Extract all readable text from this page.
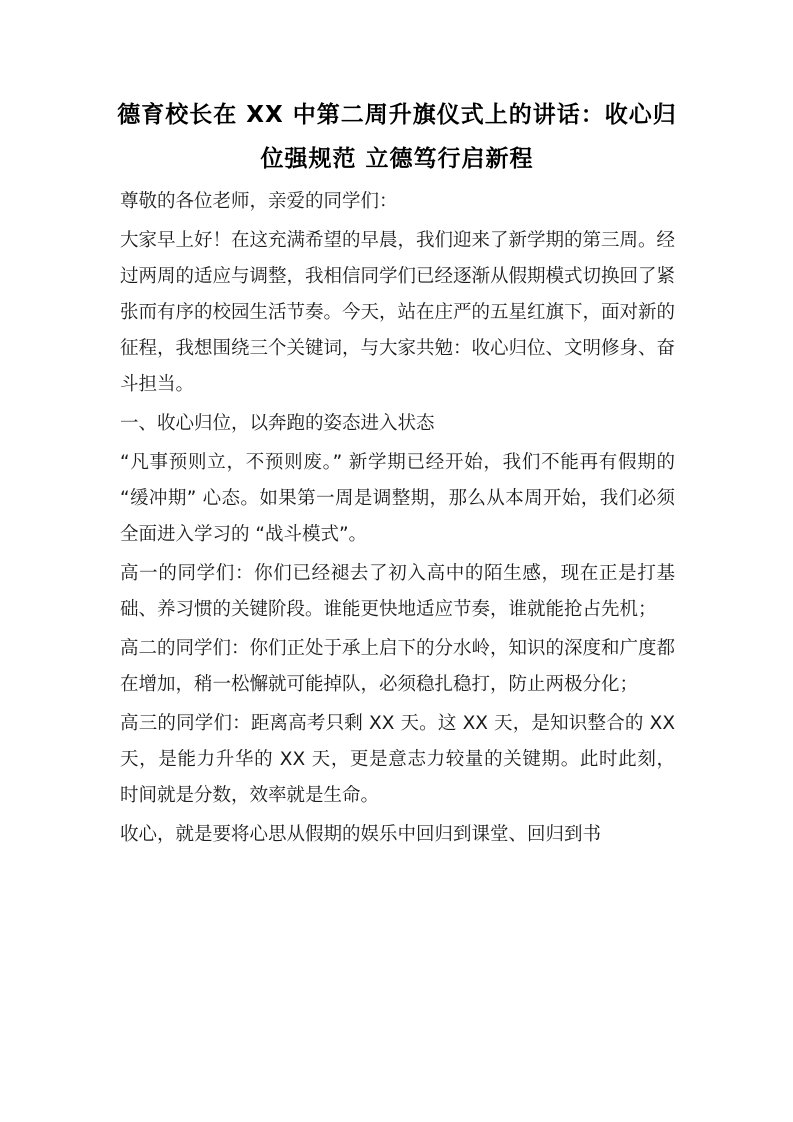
德育校长在 XX 中第二周升旗仪式上的讲话：收心归位强规范 立德笃行启新程

尊敬的各位老师，亲爱的同学们：

大家早上好！在这充满希望的早晨，我们迎来了新学期的第三周。经过两周的适应与调整，我相信同学们已经逐渐从假期模式切换回了紧张而有序的校园生活节奏。今天，站在庄严的五星红旗下，面对新的征程，我想围绕三个关键词，与大家共勉：收心归位、文明修身、奋斗担当。

一、收心归位，以奔跑的姿态进入状态

“凡事预则立，不预则废。” 新学期已经开始，我们不能再有假期的 “缓冲期” 心态。如果第一周是调整期，那么从本周开始，我们必须全面进入学习的 “战斗模式”。

高一的同学们：你们已经褪去了初入高中的陌生感，现在正是打基础、养习惯的关键阶段。谁能更快地适应节奏，谁就能抢占先机；

高二的同学们：你们正处于承上启下的分水岭，知识的深度和广度都在增加，稍一松懈就可能掉队，必须稳扎稳打，防止两极分化；

高三的同学们：距离高考只剩 XX 天。这 XX 天，是知识整合的 XX 天，是能力升华的 XX 天，更是意志力较量的关键期。此时此刻，时间就是分数，效率就是生命。

收心，就是要将心思从假期的娱乐中回归到课堂、回归到书
